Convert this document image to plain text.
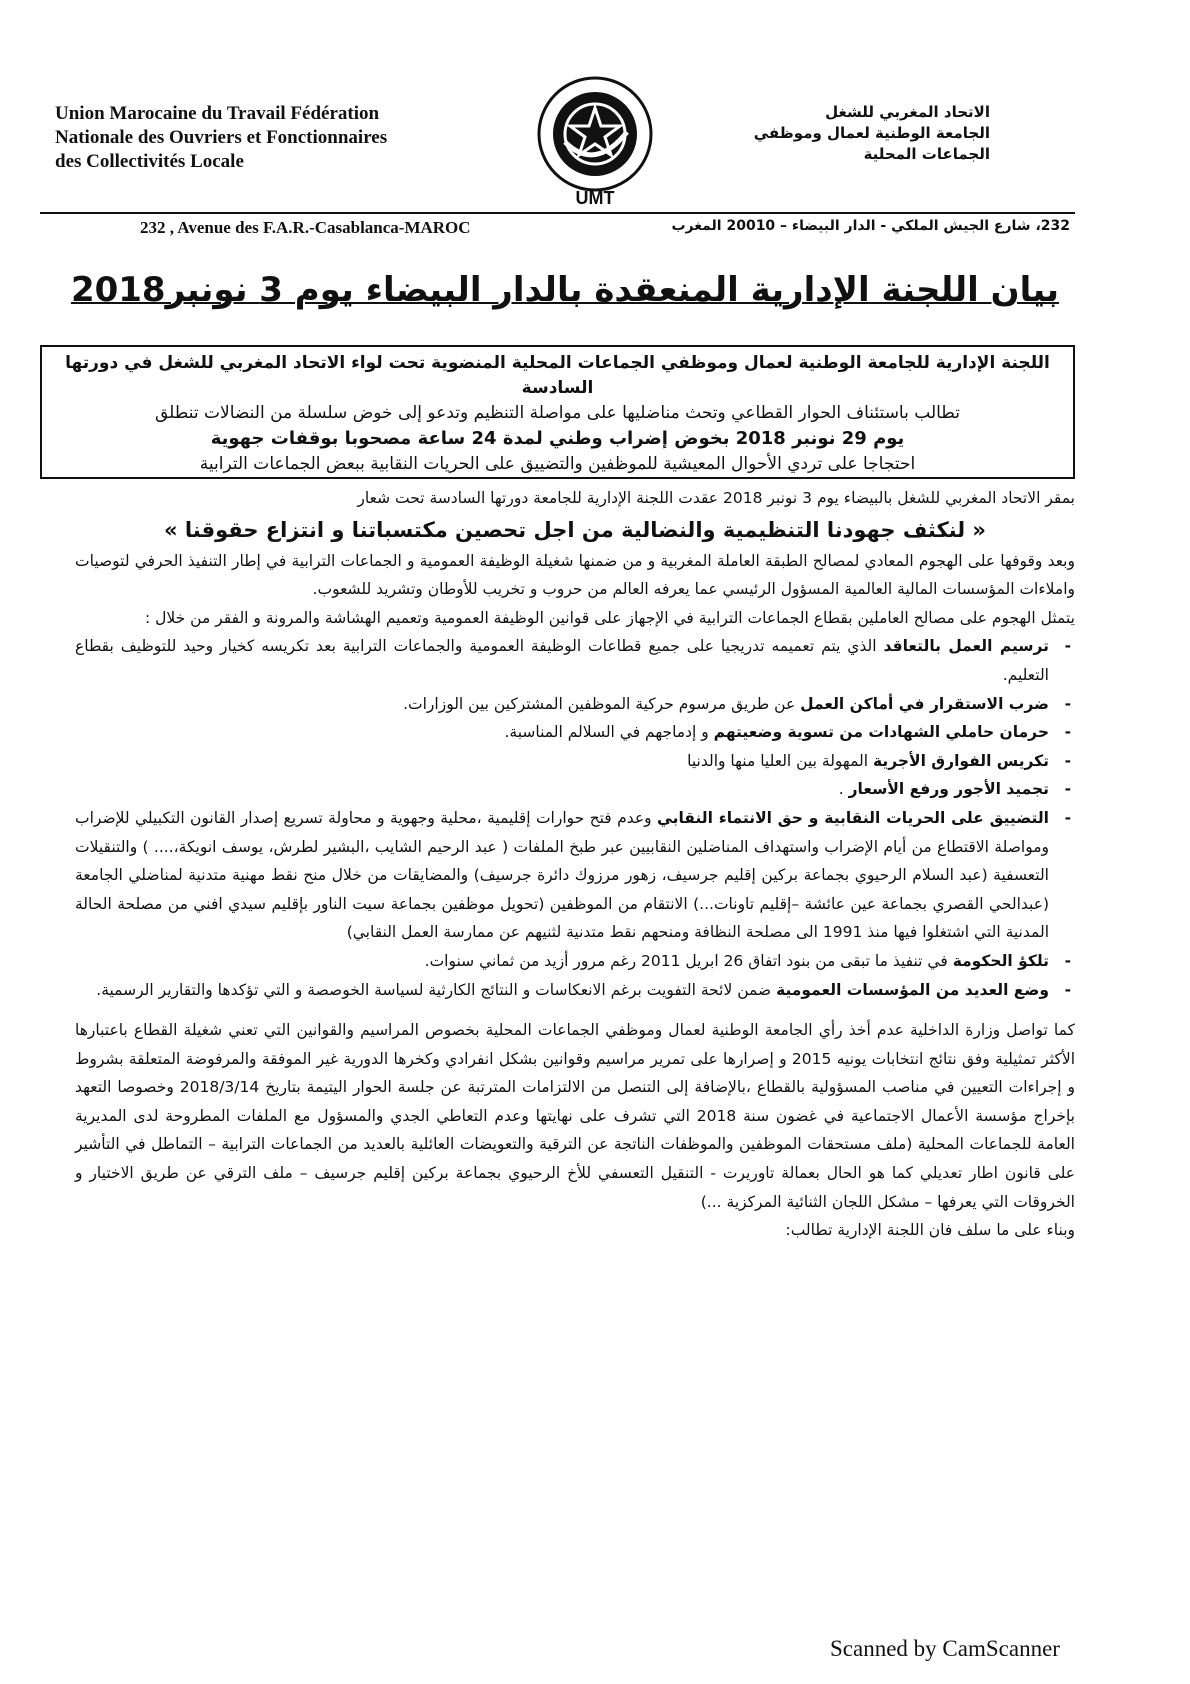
Union Marocaine du Travail Fédération
Nationale des Ouvriers et Fonctionnaires
des Collectivités Locale
UMT
الاتحاد المغربي للشغل
الجامعة الوطنية لعمال وموظفي
الجماعات المحلية
232 , Avenue des F.A.R.-Casablanca-MAROC	232، شارع الجيش الملكي - الدار البيضاء – 20010 المغرب
بيان اللجنة الإدارية المنعقدة بالدار البيضاء يوم 3 نونبر2018
اللجنة الإدارية للجامعة الوطنية لعمال وموظفي الجماعات المحلية المنضوية تحت لواء الاتحاد المغربي للشغل في دورتها السادسة
تطالب باستئناف الحوار القطاعي وتحث مناضليها على مواصلة التنظيم وتدعو إلى خوض سلسلة من النضالات تنطلق
يوم 29 نونبر 2018 بخوض إضراب وطني لمدة 24 ساعة مصحوبا بوقفات جهوية
احتجاجا على تردي الأحوال المعيشية للموظفين والتضييق على الحريات النقابية ببعض الجماعات الترابية

بمقر الاتحاد المغربي للشغل بالبيضاء يوم 3 نونبر 2018 عقدت اللجنة الإدارية للجامعة دورتها السادسة تحت شعار

« لنكثف جهودنا التنظيمية والنضالية من اجل تحصين مكتسباتنا و انتزاع حقوقنا »

وبعد وقوفها على الهجوم المعادي لمصالح الطبقة العاملة المغربية و من ضمنها شغيلة الوظيفة العمومية و الجماعات الترابية في إطار التنفيذ الحرفي لتوصيات واملاءات المؤسسات المالية العالمية المسؤول الرئيسي عما يعرفه العالم من حروب و تخريب للأوطان وتشريد للشعوب.

يتمثل الهجوم على مصالح العاملين بقطاع الجماعات الترابية في الإجهاز على قوانين الوظيفة العمومية وتعميم الهشاشة والمرونة و الفقر من خلال :

- ترسيم العمل بالتعاقد الذي يتم تعميمه تدريجيا على جميع قطاعات الوظيفة العمومية والجماعات الترابية بعد تكريسه كخيار وحيد للتوظيف بقطاع التعليم.
- ضرب الاستقرار في أماكن العمل عن طريق مرسوم حركية الموظفين المشتركين بين الوزارات.
- حرمان حاملي الشهادات من تسوية وضعيتهم و إدماجهم في السلالم المناسبة.
- تكريس الفوارق الأجرية المهولة بين العليا منها والدنيا
- تجميد الأجور ورفع الأسعار .
- التضييق على الحريات النقابية و حق الانتماء النقابي وعدم فتح حوارات إقليمية ،محلية وجهوية و محاولة تسريع إصدار القانون التكبيلي للإضراب ومواصلة الاقتطاع من أيام الإضراب واستهداف المناضلين النقابيين عبر طبخ الملفات ( عبد الرحيم الشايب ،البشير لطرش، يوسف انويكة،.... ) والتنقيلات التعسفية (عبد السلام الرحيوي بجماعة بركين إقليم جرسيف، زهور مرزوك دائرة جرسيف) والمضايقات من خلال منح نقط مهنية متدنية لمناضلي الجامعة (عبدالحي القصري بجماعة عين عائشة –إقليم تاونات...) الانتقام من الموظفين (تحويل موظفين بجماعة سيت الناور بإقليم سيدي افني من مصلحة الحالة المدنية التي اشتغلوا فيها منذ 1991 الى مصلحة النظافة ومنحهم نقط متدنية لثنيهم عن ممارسة العمل النقابي)
- تلكؤ الحكومة في تنفيذ ما تبقى من بنود اتفاق 26 ابريل 2011 رغم مرور أزيد من ثماني سنوات.
- وضع العديد من المؤسسات العمومية ضمن لائحة التفويت برغم الانعكاسات و النتائج الكارثية لسياسة الخوصصة و التي تؤكدها والتقارير الرسمية.

كما تواصل وزارة الداخلية عدم أخذ رأي الجامعة الوطنية لعمال وموظفي الجماعات المحلية بخصوص المراسيم والقوانين التي تعني شغيلة القطاع باعتبارها الأكثر تمثيلية وفق نتائج انتخابات يونيه 2015 و إصرارها على تمرير مراسيم وقوانين بشكل انفرادي وكخرها الدورية غير الموفقة والمرفوضة المتعلقة بشروط و إجراءات التعيين في مناصب المسؤولية بالقطاع ،بالإضافة إلى التنصل من الالتزامات المترتبة عن جلسة الحوار اليتيمة بتاريخ 2018/3/14 وخصوصا التعهد بإخراج مؤسسة الأعمال الاجتماعية في غضون سنة 2018 التي تشرف على نهايتها وعدم التعاطي الجدي والمسؤول مع الملفات المطروحة لدى المديرية العامة للجماعات المحلية (ملف مستحقات الموظفين والموظفات الناتجة عن الترقية والتعويضات العائلية بالعديد من الجماعات الترابية – التماطل في التأشير على قانون اطار تعديلي كما هو الحال بعمالة تاوريرت - التنقيل التعسفي للأخ الرحيوي بجماعة بركين إقليم جرسيف – ملف الترقي عن طريق الاختيار و الخروقات التي يعرفها – مشكل اللجان الثنائية المركزية ...)

وبناء على ما سلف فان اللجنة الإدارية تطالب:

Scanned by CamScanner
